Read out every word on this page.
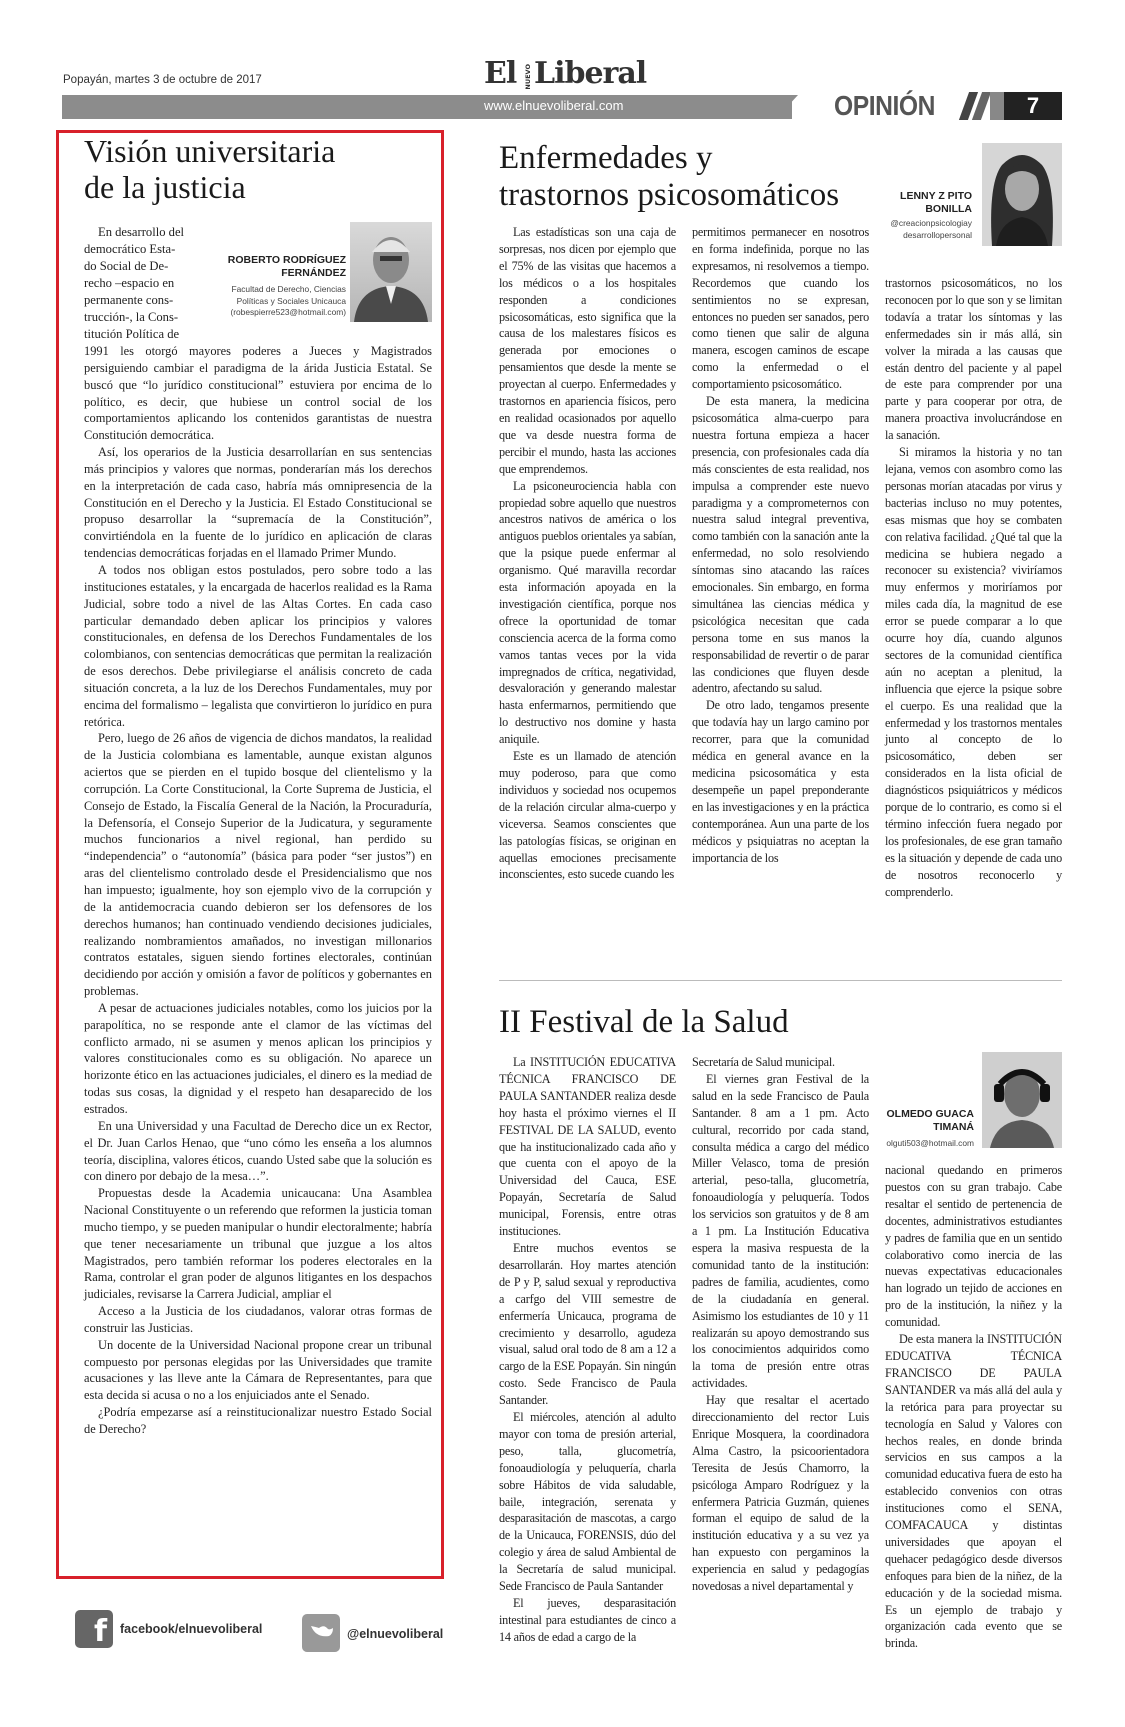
Popayán, martes 3 de octubre de 2017	El NUEVO Liberal
www.elnuevoliberal.com	OPINIÓN	7
Visión universitaria
de la justicia
ROBERTO RODRÍGUEZ
FERNÁNDEZ
Facultad de Derecho, Ciencias
Políticas y Sociales Unicauca
(robespierre523@hotmail.com)
En desarrollo del
democrático Esta-
do Social de De-
recho –espacio en
permanente cons-
trucción-, la Cons-
titución Política de

1991 les otorgó mayores poderes a Jueces y Magistrados persiguiendo cambiar el paradigma de la árida Justicia Estatal. Se buscó que “lo jurídico constitucional” estuviera por encima de lo político, es decir, que hubiese un control social de los comportamientos aplicando los contenidos garantistas de nuestra Constitución democrática.

Así, los operarios de la Justicia desarrollarían en sus sentencias más principios y valores que normas, ponderarían más los derechos en la interpretación de cada caso, habría más omnipresencia de la Constitución en el Derecho y la Justicia. El Estado Constitucional se propuso desarrollar la “supremacía de la Constitución”, convirtiéndola en la fuente de lo jurídico en aplicación de claras tendencias democráticas forjadas en el llamado Primer Mundo.

A todos nos obligan estos postulados, pero sobre todo a las instituciones estatales, y la encargada de hacerlos realidad es la Rama Judicial, sobre todo a nivel de las Altas Cortes. En cada caso particular demandado deben aplicar los principios y valores constitucionales, en defensa de los Derechos Fundamentales de los colombianos, con sentencias democráticas que permitan la realización de esos derechos. Debe privilegiarse el análisis concreto de cada situación concreta, a la luz de los Derechos Fundamentales, muy por encima del formalismo – legalista que convirtieron lo jurídico en pura retórica.

Pero, luego de 26 años de vigencia de dichos mandatos, la realidad de la Justicia colombiana es lamentable, aunque existan algunos aciertos que se pierden en el tupido bosque del clientelismo y la corrupción. La Corte Constitucional, la Corte Suprema de Justicia, el Consejo de Estado, la Fiscalía General de la Nación, la Procuraduría, la Defensoría, el Consejo Superior de la Judicatura, y seguramente muchos funcionarios a nivel regional, han perdido su “independencia” o “autonomía” (básica para poder “ser justos”) en aras del clientelismo controlado desde el Presidencialismo que nos han impuesto; igualmente, hoy son ejemplo vivo de la corrupción y de la antidemocracia cuando debieron ser los defensores de los derechos humanos; han continuado vendiendo decisiones judiciales, realizando nombramientos amañados, no investigan millonarios contratos estatales, siguen siendo fortines electorales, continúan decidiendo por acción y omisión a favor de políticos y gobernantes en problemas.

A pesar de actuaciones judiciales notables, como los juicios por la parapolítica, no se responde ante el clamor de las víctimas del conflicto armado, ni se asumen y menos aplican los principios y valores constitucionales como es su obligación. No aparece un horizonte ético en las actuaciones judiciales, el dinero es la mediad de todas sus cosas, la dignidad y el respeto han desaparecido de los estrados.

En una Universidad y una Facultad de Derecho dice un ex Rector, el Dr. Juan Carlos Henao, que “uno cómo les enseña a los alumnos teoría, disciplina, valores éticos, cuando Usted sabe que la solución es con dinero por debajo de la mesa…”.

Propuestas desde la Academia unicaucana: Una Asamblea Nacional Constituyente o un referendo que reformen la justicia toman mucho tiempo, y se pueden manipular o hundir electoralmente; habría que tener necesariamente un tribunal que juzgue a los altos Magistrados, pero también reformar los poderes electorales en la Rama, controlar el gran poder de algunos litigantes en los despachos judiciales, revisarse la Carrera Judicial, ampliar el

Acceso a la Justicia de los ciudadanos, valorar otras formas de construir las Justicias.

Un docente de la Universidad Nacional propone crear un tribunal compuesto por personas elegidas por las Universidades que tramite acusaciones y las lleve ante la Cámara de Representantes, para que esta decida si acusa o no a los enjuiciados ante el Senado.

¿Podría empezarse así a reinstitucionalizar nuestro Estado Social de Derecho?

Enfermedades y
trastornos psicosomáticos	LENNY Z PITO
BONILLA
@creacionpsicologiay
desarrollopersonal

Las estadísticas son una caja de sorpresas, nos dicen por ejemplo que el 75% de las visitas que hacemos a los médicos o a los hospitales responden a condiciones psicosomáticas, esto significa que la causa de los malestares físicos es generada por emociones o pensamientos que desde la mente se proyectan al cuerpo. Enfermedades y trastornos en apariencia físicos, pero en realidad ocasionados por aquello que va desde nuestra forma de percibir el mundo, hasta las acciones que emprendemos.

La psiconeurociencia habla con propiedad sobre aquello que nuestros ancestros nativos de américa o los antiguos pueblos orientales ya sabían, que la psique puede enfermar al organismo. Qué maravilla recordar esta información apoyada en la investigación científica, porque nos ofrece la oportunidad de tomar consciencia acerca de la forma como vamos tantas veces por la vida impregnados de crítica, negatividad, desvaloración y generando malestar hasta enfermarnos, permitiendo que lo destructivo nos domine y hasta aniquile.

Este es un llamado de atención muy poderoso, para que como individuos y sociedad nos ocupemos de la relación circular alma-cuerpo y viceversa. Seamos conscientes que las patologías físicas, se originan en aquellas emociones precisamente inconscientes, esto sucede cuando les

permitimos permanecer en nosotros en forma indefinida, porque no las expresamos, ni resolvemos a tiempo. Recordemos que cuando los sentimientos no se expresan, entonces no pueden ser sanados, pero como tienen que salir de alguna manera, escogen caminos de escape como la enfermedad o el comportamiento psicosomático.

De esta manera, la medicina psicosomática alma-cuerpo para nuestra fortuna empieza a hacer presencia, con profesionales cada día más conscientes de esta realidad, nos impulsa a comprender este nuevo paradigma y a comprometernos con nuestra salud integral preventiva, como también con la sanación ante la enfermedad, no solo resolviendo síntomas sino atacando las raíces emocionales. Sin embargo, en forma simultánea las ciencias médica y psicológica necesitan que cada persona tome en sus manos la responsabilidad de revertir o de parar las condiciones que fluyen desde adentro, afectando su salud.

De otro lado, tengamos presente que todavía hay un largo camino por recorrer, para que la comunidad médica en general avance en la medicina psicosomática y esta desempeñe un papel preponderante en las investigaciones y en la práctica contemporánea. Aun una parte de los médicos y psiquiatras no aceptan la importancia de los

trastornos psicosomáticos, no los reconocen por lo que son y se limitan todavía a tratar los síntomas y las enfermedades sin ir más allá, sin volver la mirada a las causas que están dentro del paciente y al papel de este para comprender por una parte y para cooperar por otra, de manera proactiva involucrándose en la sanación.

Si miramos la historia y no tan lejana, vemos con asombro como las personas morían atacadas por virus y bacterias incluso no muy potentes, esas mismas que hoy se combaten con relativa facilidad. ¿Qué tal que la medicina se hubiera negado a reconocer su existencia? viviríamos muy enfermos y moriríamos por miles cada día, la magnitud de ese error se puede comparar a lo que ocurre hoy día, cuando algunos sectores de la comunidad científica aún no aceptan a plenitud, la influencia que ejerce la psique sobre el cuerpo. Es una realidad que la enfermedad y los trastornos mentales junto al concepto de lo psicosomático, deben ser considerados en la lista oficial de diagnósticos psiquiátricos y médicos porque de lo contrario, es como si el término infección fuera negado por los profesionales, de ese gran tamaño es la situación y depende de cada uno de nosotros reconocerlo y comprenderlo.

II Festival de la Salud
OLMEDO GUACA
TIMANÁ
olguti503@hotmail.com

La INSTITUCIÓN EDUCATIVA TÉCNICA FRANCISCO DE PAULA SANTANDER realiza desde hoy hasta el próximo viernes el II FESTIVAL DE LA SALUD, evento que ha institucionalizado cada año y que cuenta con el apoyo de la Universidad del Cauca, ESE Popayán, Secretaría de Salud municipal, Forensis, entre otras instituciones.

Entre muchos eventos se desarrollarán. Hoy martes atención de P y P, salud sexual y reproductiva a carfgo del VIII semestre de enfermería Unicauca, programa de crecimiento y desarrollo, agudeza visual, salud oral todo de 8 am a 12 a cargo de la ESE Popayán. Sin ningún costo. Sede Francisco de Paula Santander.

El miércoles, atención al adulto mayor con toma de presión arterial, peso, talla, glucometría, fonoaudiología y peluquería, charla sobre Hábitos de vida saludable, baile, integración, serenata y desparasitación de mascotas, a cargo de la Unicauca, FORENSIS, dúo del colegio y área de salud Ambiental de la Secretaría de salud municipal. Sede Francisco de Paula Santander

El jueves, desparasitación intestinal para estudiantes de cinco a 14 años de edad a cargo de la

Secretaría de Salud municipal.

El viernes gran Festival de la salud en la sede Francisco de Paula Santander. 8 am a 1 pm. Acto cultural, recorrido por cada stand, consulta médica a cargo del médico Miller Velasco, toma de presión arterial, peso-talla, glucometría, fonoaudiología y peluquería. Todos los servicios son gratuitos y de 8 am a 1 pm. La Institución Educativa espera la masiva respuesta de la comunidad tanto de la institución: padres de familia, acudientes, como de la ciudadanía en general. Asimismo los estudiantes de 10 y 11 realizarán su apoyo demostrando sus los conocimientos adquiridos como la toma de presión entre otras actividades.

Hay que resaltar el acertado direccionamiento del rector Luis Enrique Mosquera, la coordinadora Alma Castro, la psicoorientadora Teresita de Jesús Chamorro, la psicóloga Amparo Rodríguez y la enfermera Patricia Guzmán, quienes forman el equipo de salud de la institución educativa y a su vez ya han expuesto con pergaminos la experiencia en salud y pedagogías novedosas a nivel departamental y

nacional quedando en primeros puestos con su gran trabajo. Cabe resaltar el sentido de pertenencia de docentes, administrativos estudiantes y padres de familia que en un sentido colaborativo como inercia de las nuevas expectativas educacionales han logrado un tejido de acciones en pro de la institución, la niñez y la comunidad.

De esta manera la INSTITUCIÓN EDUCATIVA TÉCNICA FRANCISCO DE PAULA SANTANDER va más allá del aula y la retórica para para proyectar su tecnología en Salud y Valores con hechos reales, en donde brinda servicios en sus campos a la comunidad educativa fuera de esto ha establecido convenios con otras instituciones como el SENA, COMFACAUCA y distintas universidades que apoyan el quehacer pedagógico desde diversos enfoques para bien de la niñez, de la educación y de la sociedad misma. Es un ejemplo de trabajo y organización cada evento que se brinda.

f	facebook/elnuevoliberal	@elnuevoliberal
